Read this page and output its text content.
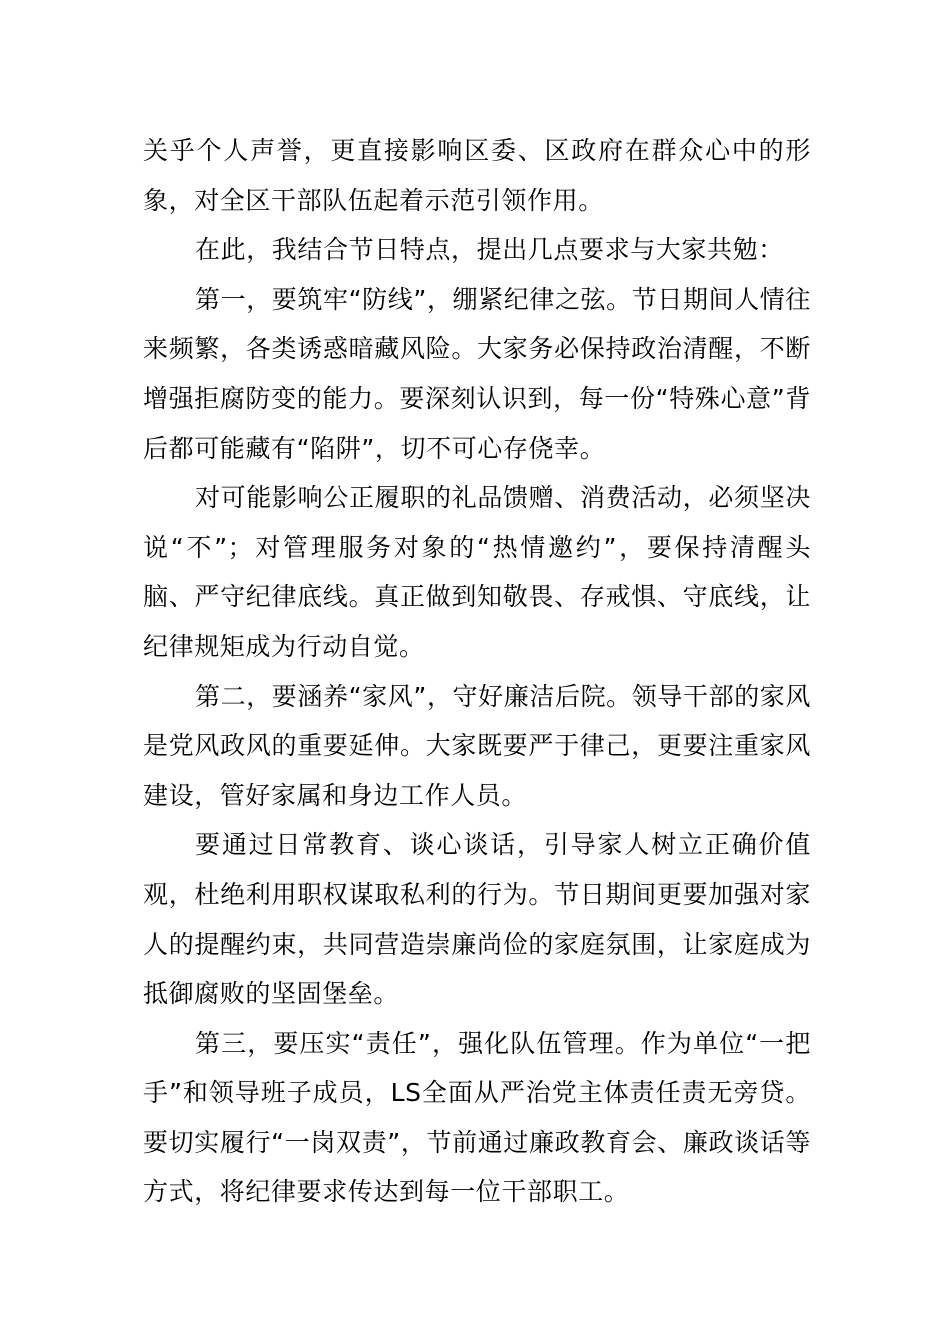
关乎个人声誉，更直接影响区委、区政府在群众心中的形象，对全区干部队伍起着示范引领作用。

在此，我结合节日特点，提出几点要求与大家共勉：

第一，要筑牢“防线”，绷紧纪律之弦。节日期间人情往来频繁，各类诱惑暗藏风险。大家务必保持政治清醒，不断增强拒腐防变的能力。要深刻认识到，每一份“特殊心意”背后都可能藏有“陷阱”，切不可心存侥幸。

对可能影响公正履职的礼品馈赠、消费活动，必须坚决说“不”；对管理服务对象的“热情邀约”，要保持清醒头脑、严守纪律底线。真正做到知敬畏、存戒惧、守底线，让纪律规矩成为行动自觉。

第二，要涵养“家风”，守好廉洁后院。领导干部的家风是党风政风的重要延伸。大家既要严于律己，更要注重家风建设，管好家属和身边工作人员。

要通过日常教育、谈心谈话，引导家人树立正确价值观，杜绝利用职权谋取私利的行为。节日期间更要加强对家人的提醒约束，共同营造崇廉尚俭的家庭氛围，让家庭成为抵御腐败的坚固堡垒。

第三，要压实“责任”，强化队伍管理。作为单位“一把手”和领导班子成员，LS全面从严治党主体责任责无旁贷。要切实履行“一岗双责”，节前通过廉政教育会、廉政谈话等方式，将纪律要求传达到每一位干部职工。
